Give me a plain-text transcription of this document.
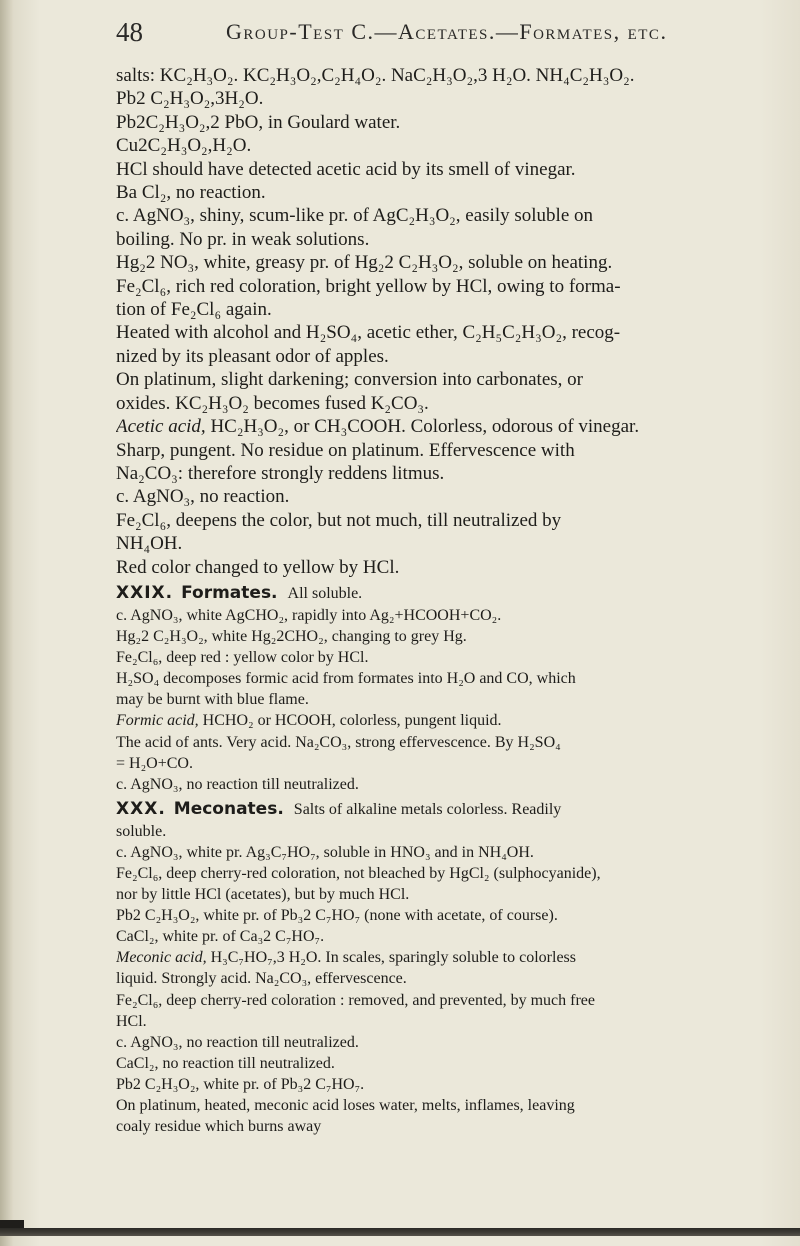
48	Group-Test C.—Acetates.—Formates, etc.
salts: KC₂H₃O₂. KC₂H₃O₂,C₂H₄O₂. NaC₂H₃O₂,3 H₂O. NH₄C₂H₃O₂.
Pb2 C₂H₃O₂,3H₂O.
Pb2C₂H₃O₂,2 PbO, in Goulard water.
Cu2C₂H₃O₂,H₂O.
HCl should have detected acetic acid by its smell of vinegar.
Ba Cl₂, no reaction.
c. AgNO₃, shiny, scum-like pr. of AgC₂H₃O₂, easily soluble on
boiling. No pr. in weak solutions.
Hg₂2 NO₃, white, greasy pr. of Hg₂2 C₂H₃O₂, soluble on heating.
Fe₂Cl₆, rich red coloration, bright yellow by HCl, owing to forma-
tion of Fe₂Cl₆ again.
Heated with alcohol and H₂SO₄, acetic ether, C₂H₅C₂H₃O₂, recog-
nized by its pleasant odor of apples.
On platinum, slight darkening; conversion into carbonates, or
oxides. KC₂H₃O₂ becomes fused K₂CO₃.
Acetic acid, HC₂H₃O₂, or CH₃COOH. Colorless, odorous of vinegar.
Sharp, pungent. No residue on platinum. Effervescence with
Na₂CO₃: therefore strongly reddens litmus.
c. AgNO₃, no reaction.
Fe₂Cl₆, deepens the color, but not much, till neutralized by
NH₄OH.
Red color changed to yellow by HCl.
XXIX. Formates. All soluble.
c. AgNO₃, white AgCHO₂, rapidly into Ag₂+HCOOH+CO₂.
Hg₂2 C₂H₃O₂, white Hg₂2CHO₂, changing to grey Hg.
Fe₂Cl₆, deep red : yellow color by HCl.
H₂SO₄ decomposes formic acid from formates into H₂O and CO, which
may be burnt with blue flame.
Formic acid, HCHO₂ or HCOOH, colorless, pungent liquid.
The acid of ants. Very acid. Na₂CO₃, strong effervescence. By H₂SO₄
= H₂O+CO.
c. AgNO₃, no reaction till neutralized.
XXX. Meconates. Salts of alkaline metals colorless. Readily
soluble.
c. AgNO₃, white pr. Ag₃C₇HO₇, soluble in HNO₃ and in NH₄OH.
Fe₂Cl₆, deep cherry-red coloration, not bleached by HgCl₂ (sulphocyanide),
nor by little HCl (acetates), but by much HCl.
Pb2 C₂H₃O₂, white pr. of Pb₃2 C₇HO₇ (none with acetate, of course).
CaCl₂, white pr. of Ca₃2 C₇HO₇.
Meconic acid, H₃C₇HO₇,3 H₂O. In scales, sparingly soluble to colorless
liquid. Strongly acid. Na₂CO₃, effervescence.
Fe₂Cl₆, deep cherry-red coloration : removed, and prevented, by much free
HCl.
c. AgNO₃, no reaction till neutralized.
CaCl₂, no reaction till neutralized.
Pb2 C₂H₃O₂, white pr. of Pb₃2 C₇HO₇.
On platinum, heated, meconic acid loses water, melts, inflames, leaving
coaly residue which burns away
